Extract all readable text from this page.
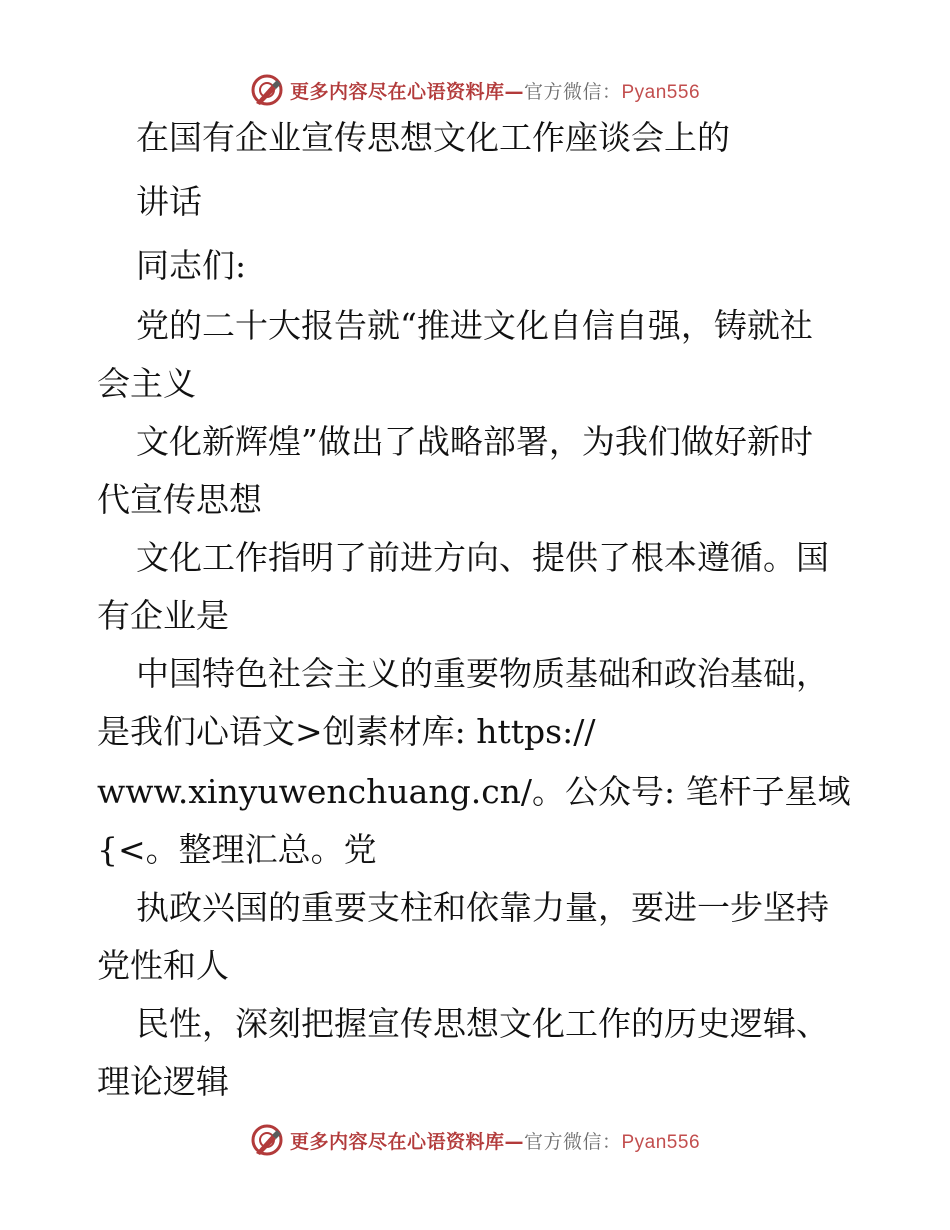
更多内容尽在心语资料库—官方微信：Pyan556
在国有企业宣传思想文化工作座谈会上的
讲话
同志们:
党的二十大报告就“推进文化自信自强，铸就社
会主义
文化新辉煌”做出了战略部署，为我们做好新时
代宣传思想
文化工作指明了前进方向、提供了根本遵循。国
有企业是
中国特色社会主义的重要物质基础和政治基础，
是我们心语文>创素材库: https://
www.xinyuwenchuang.cn/。公众号: 笔杆子星域
{<。整理汇总。党
执政兴国的重要支柱和依靠力量，要进一步坚持
党性和人
民性，深刻把握宣传思想文化工作的历史逻辑、
理论逻辑
更多内容尽在心语资料库—官方微信：Pyan556
